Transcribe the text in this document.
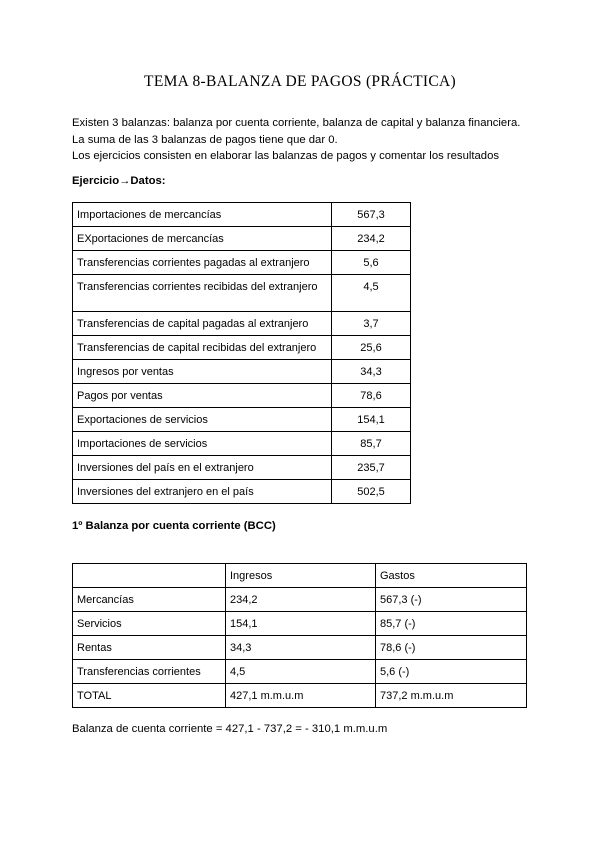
TEMA 8-BALANZA DE PAGOS (PRÁCTICA)
Existen 3 balanzas: balanza por cuenta corriente, balanza de capital y balanza financiera.
La suma de las 3 balanzas de pagos tiene que dar 0.
Los ejercicios consisten en elaborar las balanzas de pagos y comentar los resultados
Ejercicio→Datos:
Importaciones de mercancías	567,3
EXportaciones de mercancías	234,2
Transferencias corrientes pagadas al extranjero	5,6
Transferencias corrientes recibidas del extranjero	4,5
Transferencias de capital pagadas al extranjero	3,7
Transferencias de capital recibidas del extranjero	25,6
Ingresos por ventas	34,3
Pagos por ventas	78,6
Exportaciones de servicios	154,1
Importaciones de servicios	85,7
Inversiones del país en el extranjero	235,7
Inversiones del extranjero en el país	502,5
1º Balanza por cuenta corriente (BCC)
	Ingresos	Gastos
Mercancías	234,2	567,3 (-)
Servicios	154,1	85,7 (-)
Rentas	34,3	78,6 (-)
Transferencias corrientes	4,5	5,6 (-)
TOTAL	427,1 m.m.u.m	737,2 m.m.u.m
Balanza de cuenta corriente = 427,1 - 737,2 = - 310,1 m.m.u.m
